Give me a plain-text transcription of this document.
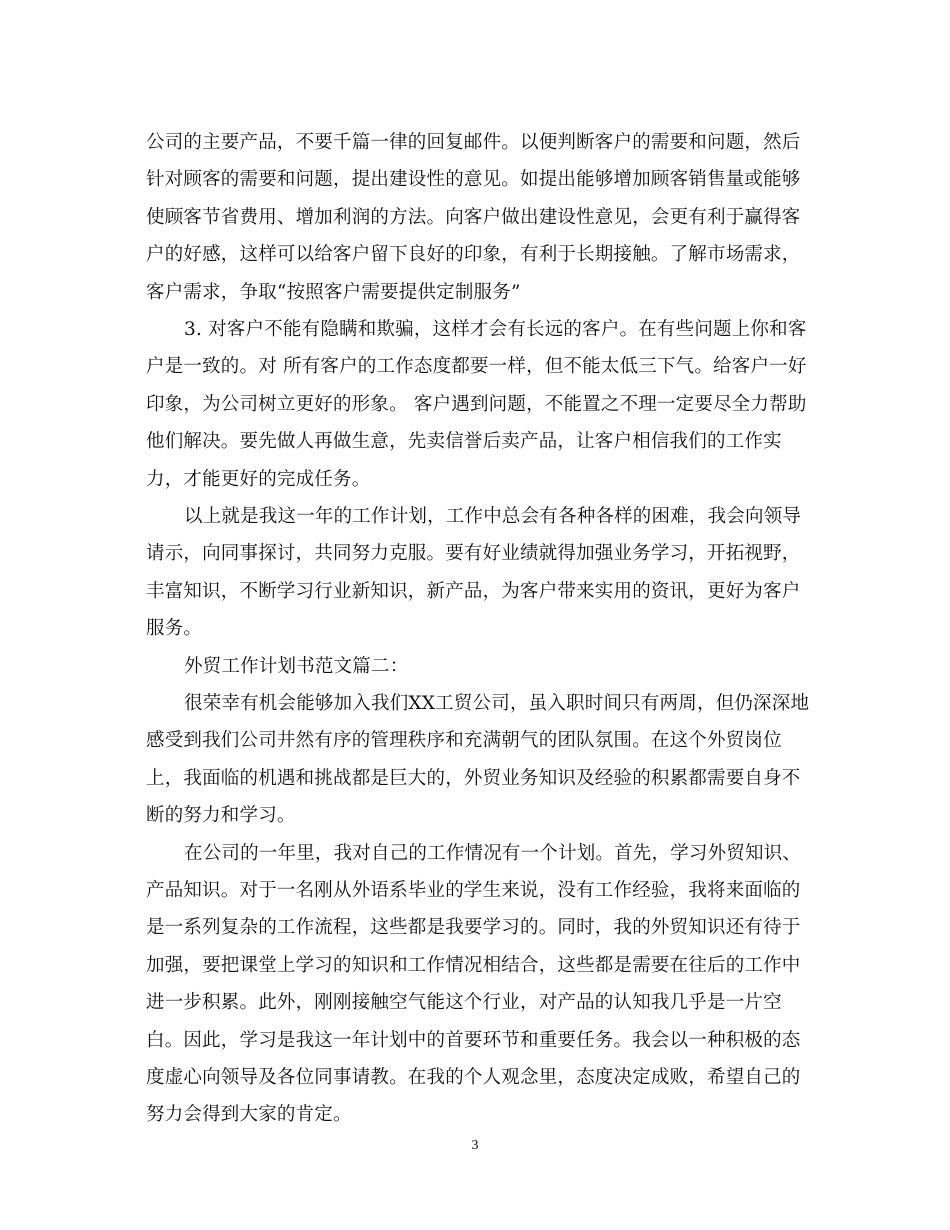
公司的主要产品，不要千篇一律的回复邮件。以便判断客户的需要和问题，然后
针对顾客的需要和问题，提出建设性的意见。如提出能够增加顾客销售量或能够
使顾客节省费用、增加利润的方法。向客户做出建设性意见，会更有利于赢得客
户的好感，这样可以给客户留下良好的印象，有利于长期接触。了解市场需求，
客户需求，争取“按照客户需要提供定制服务”
3. 对客户不能有隐瞒和欺骗，这样才会有长远的客户。在有些问题上你和客
户是一致的。对 所有客户的工作态度都要一样，但不能太低三下气。给客户一好
印象，为公司树立更好的形象。 客户遇到问题，不能置之不理一定要尽全力帮助
他们解决。要先做人再做生意，先卖信誉后卖产品，让客户相信我们的工作实
力，才能更好的完成任务。
以上就是我这一年的工作计划，工作中总会有各种各样的困难，我会向领导
请示，向同事探讨，共同努力克服。要有好业绩就得加强业务学习，开拓视野，
丰富知识，不断学习行业新知识，新产品，为客户带来实用的资讯，更好为客户
服务。
外贸工作计划书范文篇二：
很荣幸有机会能够加入我们XX工贸公司，虽入职时间只有两周，但仍深深地
感受到我们公司井然有序的管理秩序和充满朝气的团队氛围。在这个外贸岗位
上，我面临的机遇和挑战都是巨大的，外贸业务知识及经验的积累都需要自身不
断的努力和学习。
在公司的一年里，我对自己的工作情况有一个计划。首先，学习外贸知识、
产品知识。对于一名刚从外语系毕业的学生来说，没有工作经验，我将来面临的
是一系列复杂的工作流程，这些都是我要学习的。同时，我的外贸知识还有待于
加强，要把课堂上学习的知识和工作情况相结合，这些都是需要在往后的工作中
进一步积累。此外，刚刚接触空气能这个行业，对产品的认知我几乎是一片空
白。因此，学习是我这一年计划中的首要环节和重要任务。我会以一种积极的态
度虚心向领导及各位同事请教。在我的个人观念里，态度决定成败，希望自己的
努力会得到大家的肯定。
3
